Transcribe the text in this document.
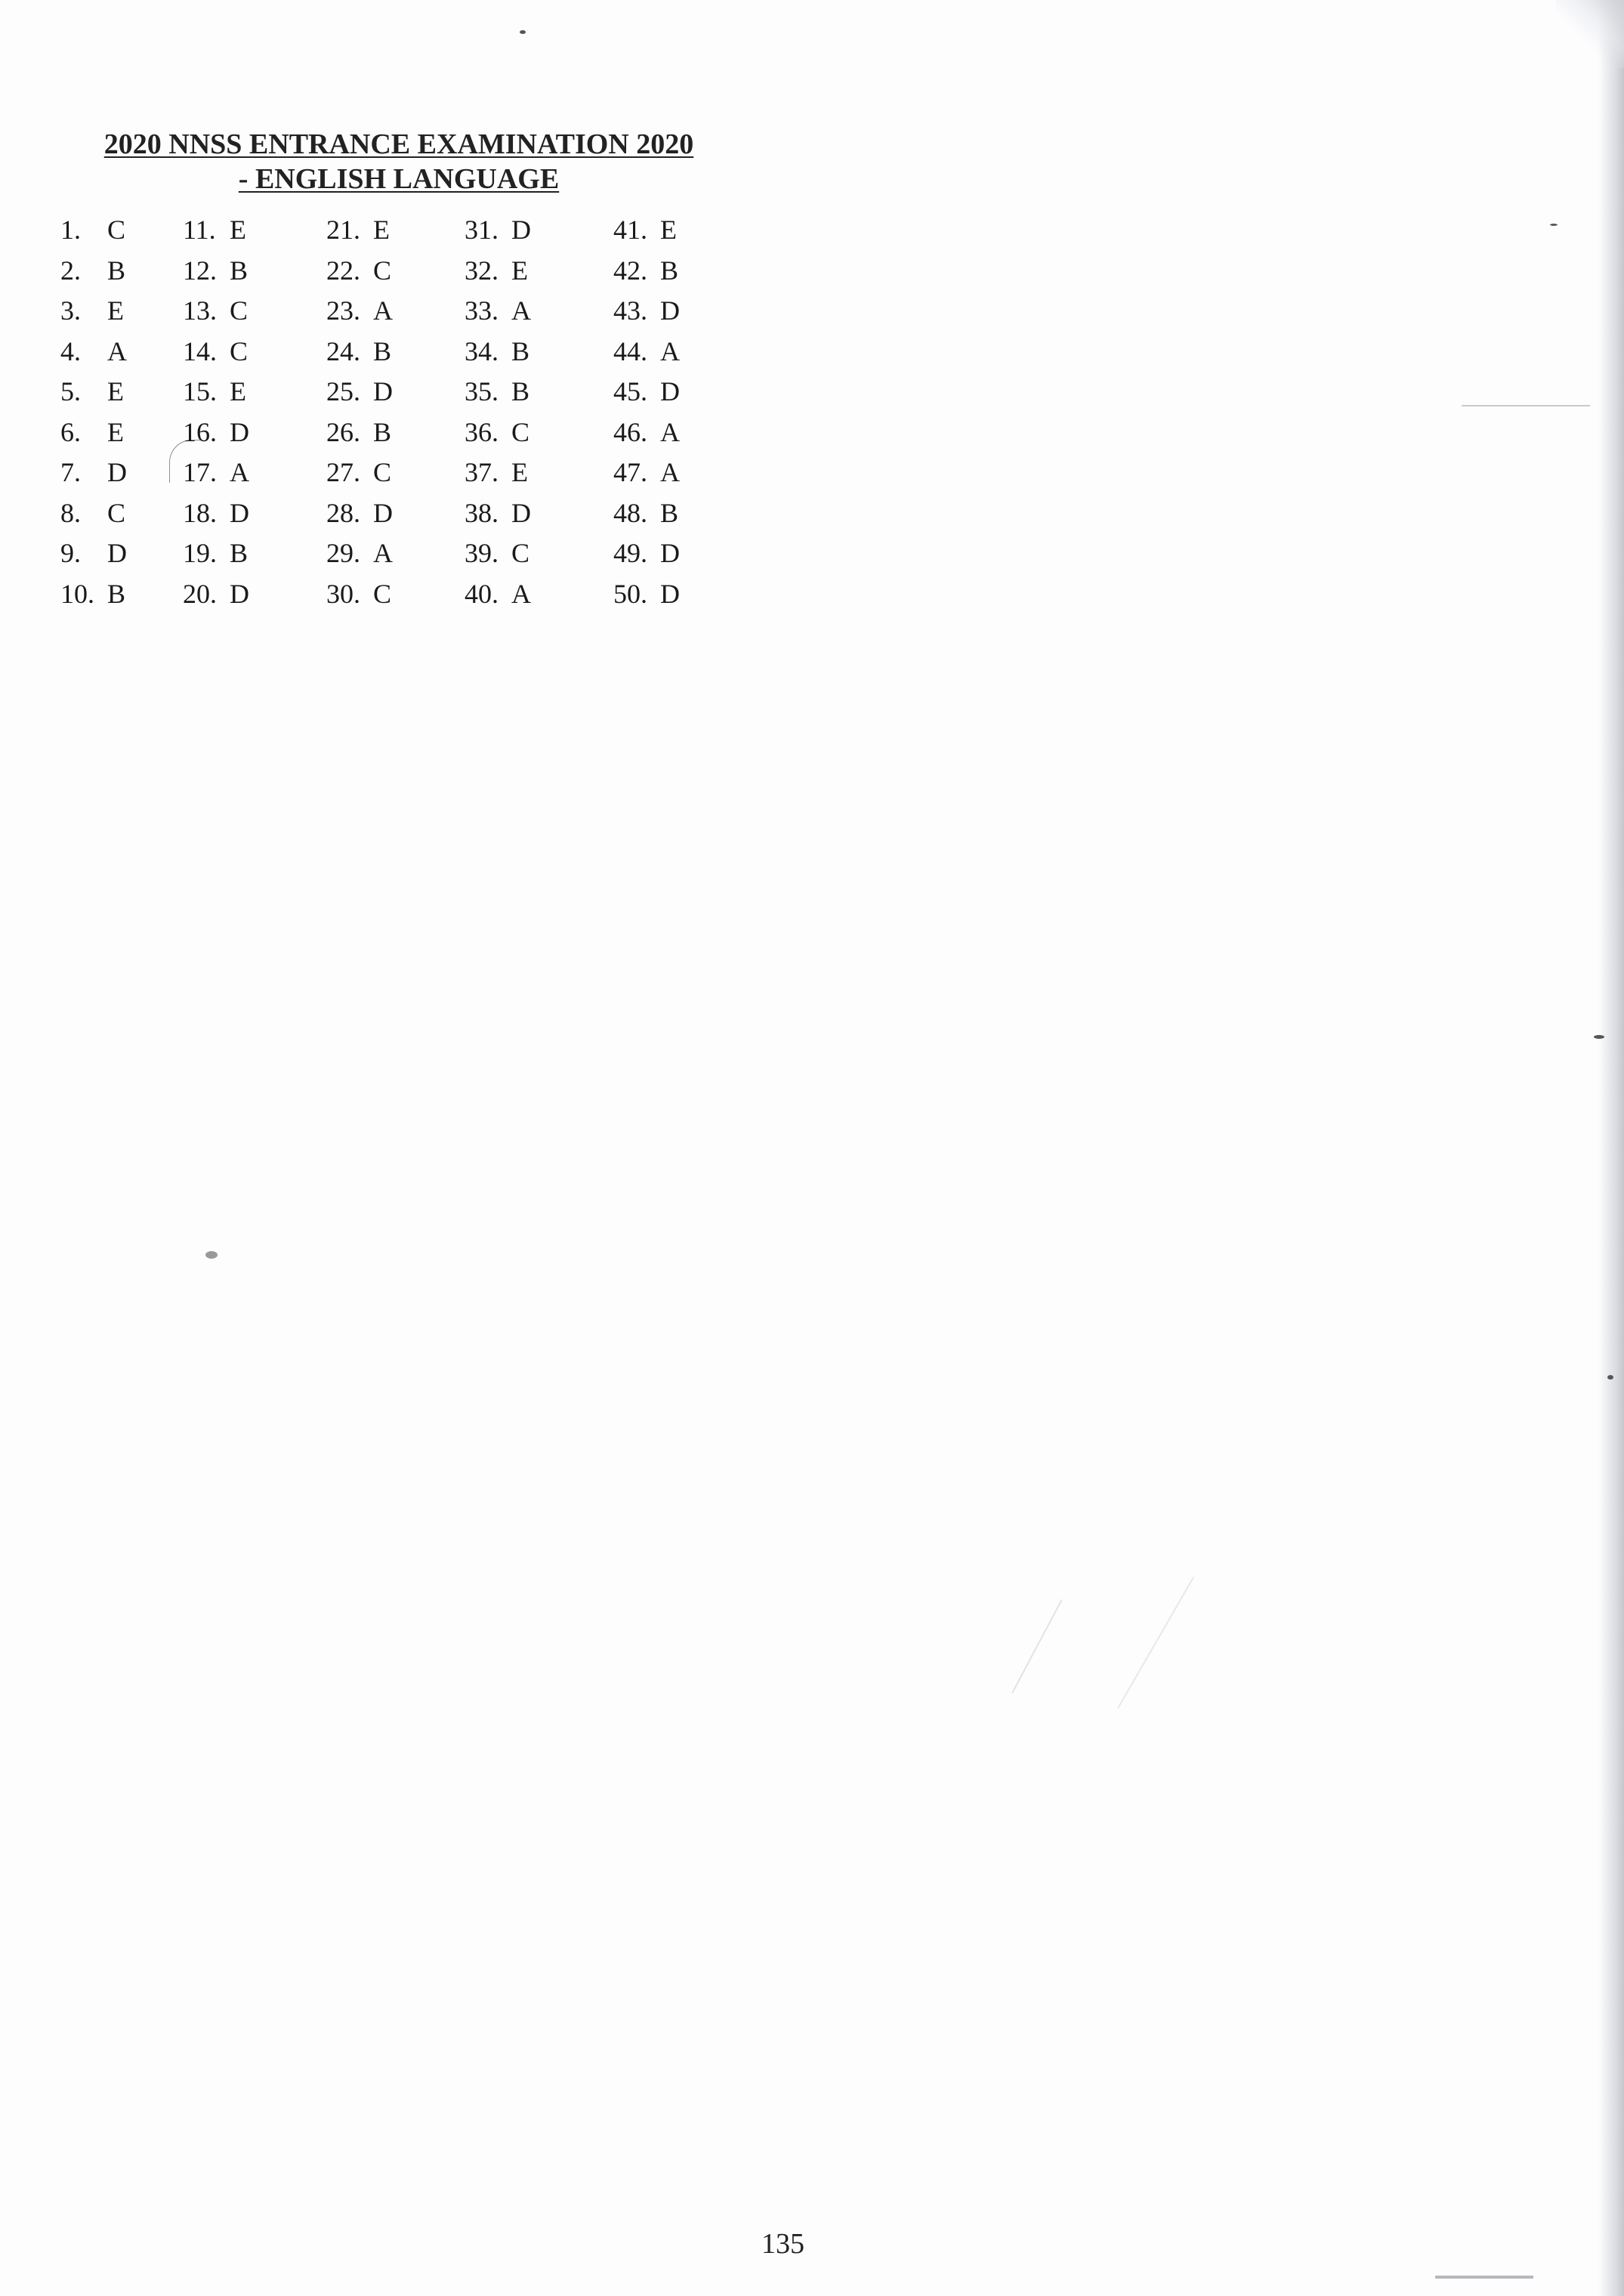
2020 NNSS ENTRANCE EXAMINATION 2020
- ENGLISH LANGUAGE
1. C
2. B
3. E
4. A
5. E
6. E
7. D
8. C
9. D
10. B
11. E
12. B
13. C
14. C
15. E
16. D
17. A
18. D
19. B
20. D
21. E
22. C
23. A
24. B
25. D
26. B
27. C
28. D
29. A
30. C
31. D
32. E
33. A
34. B
35. B
36. C
37. E
38. D
39. C
40. A
41. E
42. B
43. D
44. A
45. D
46. A
47. A
48. B
49. D
50. D
135
